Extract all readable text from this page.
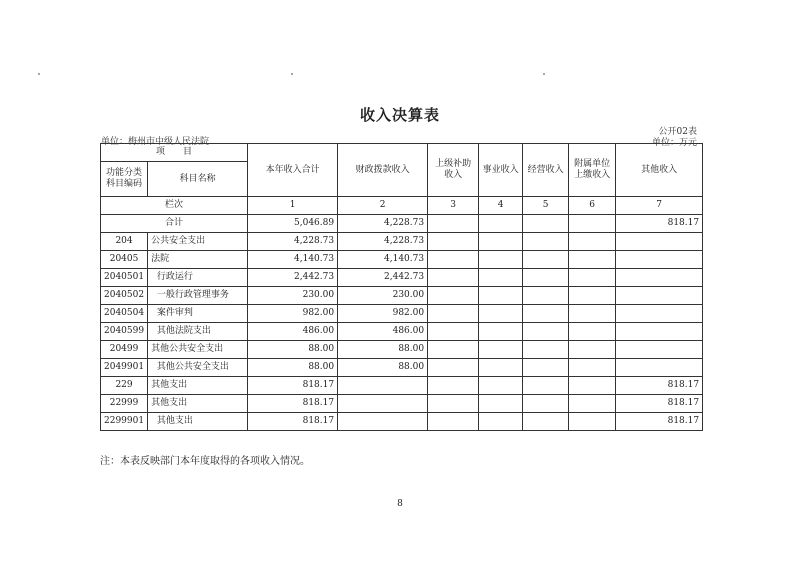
收入决算表
公开02表
单位：梅州市中级人民法院	单位：万元
项　　目		本年收入合计	财政拨款收入	上级补助收入	事业收入	经营收入	附属单位上缴收入	其他收入
功能分类科目编码	科目名称							
栏次		1	2	3	4	5	6	7
合计		5,046.89	4,228.73					818.17
204	公共安全支出	4,228.73	4,228.73					
20405	法院	4,140.73	4,140.73					
2040501	行政运行	2,442.73	2,442.73					
2040502	一般行政管理事务	230.00	230.00					
2040504	案件审判	982.00	982.00					
2040599	其他法院支出	486.00	486.00					
20499	其他公共安全支出	88.00	88.00					
2049901	其他公共安全支出	88.00	88.00					
229	其他支出	818.17						818.17
22999	其他支出	818.17						818.17
2299901	其他支出	818.17						818.17
注：本表反映部门本年度取得的各项收入情况。
8
